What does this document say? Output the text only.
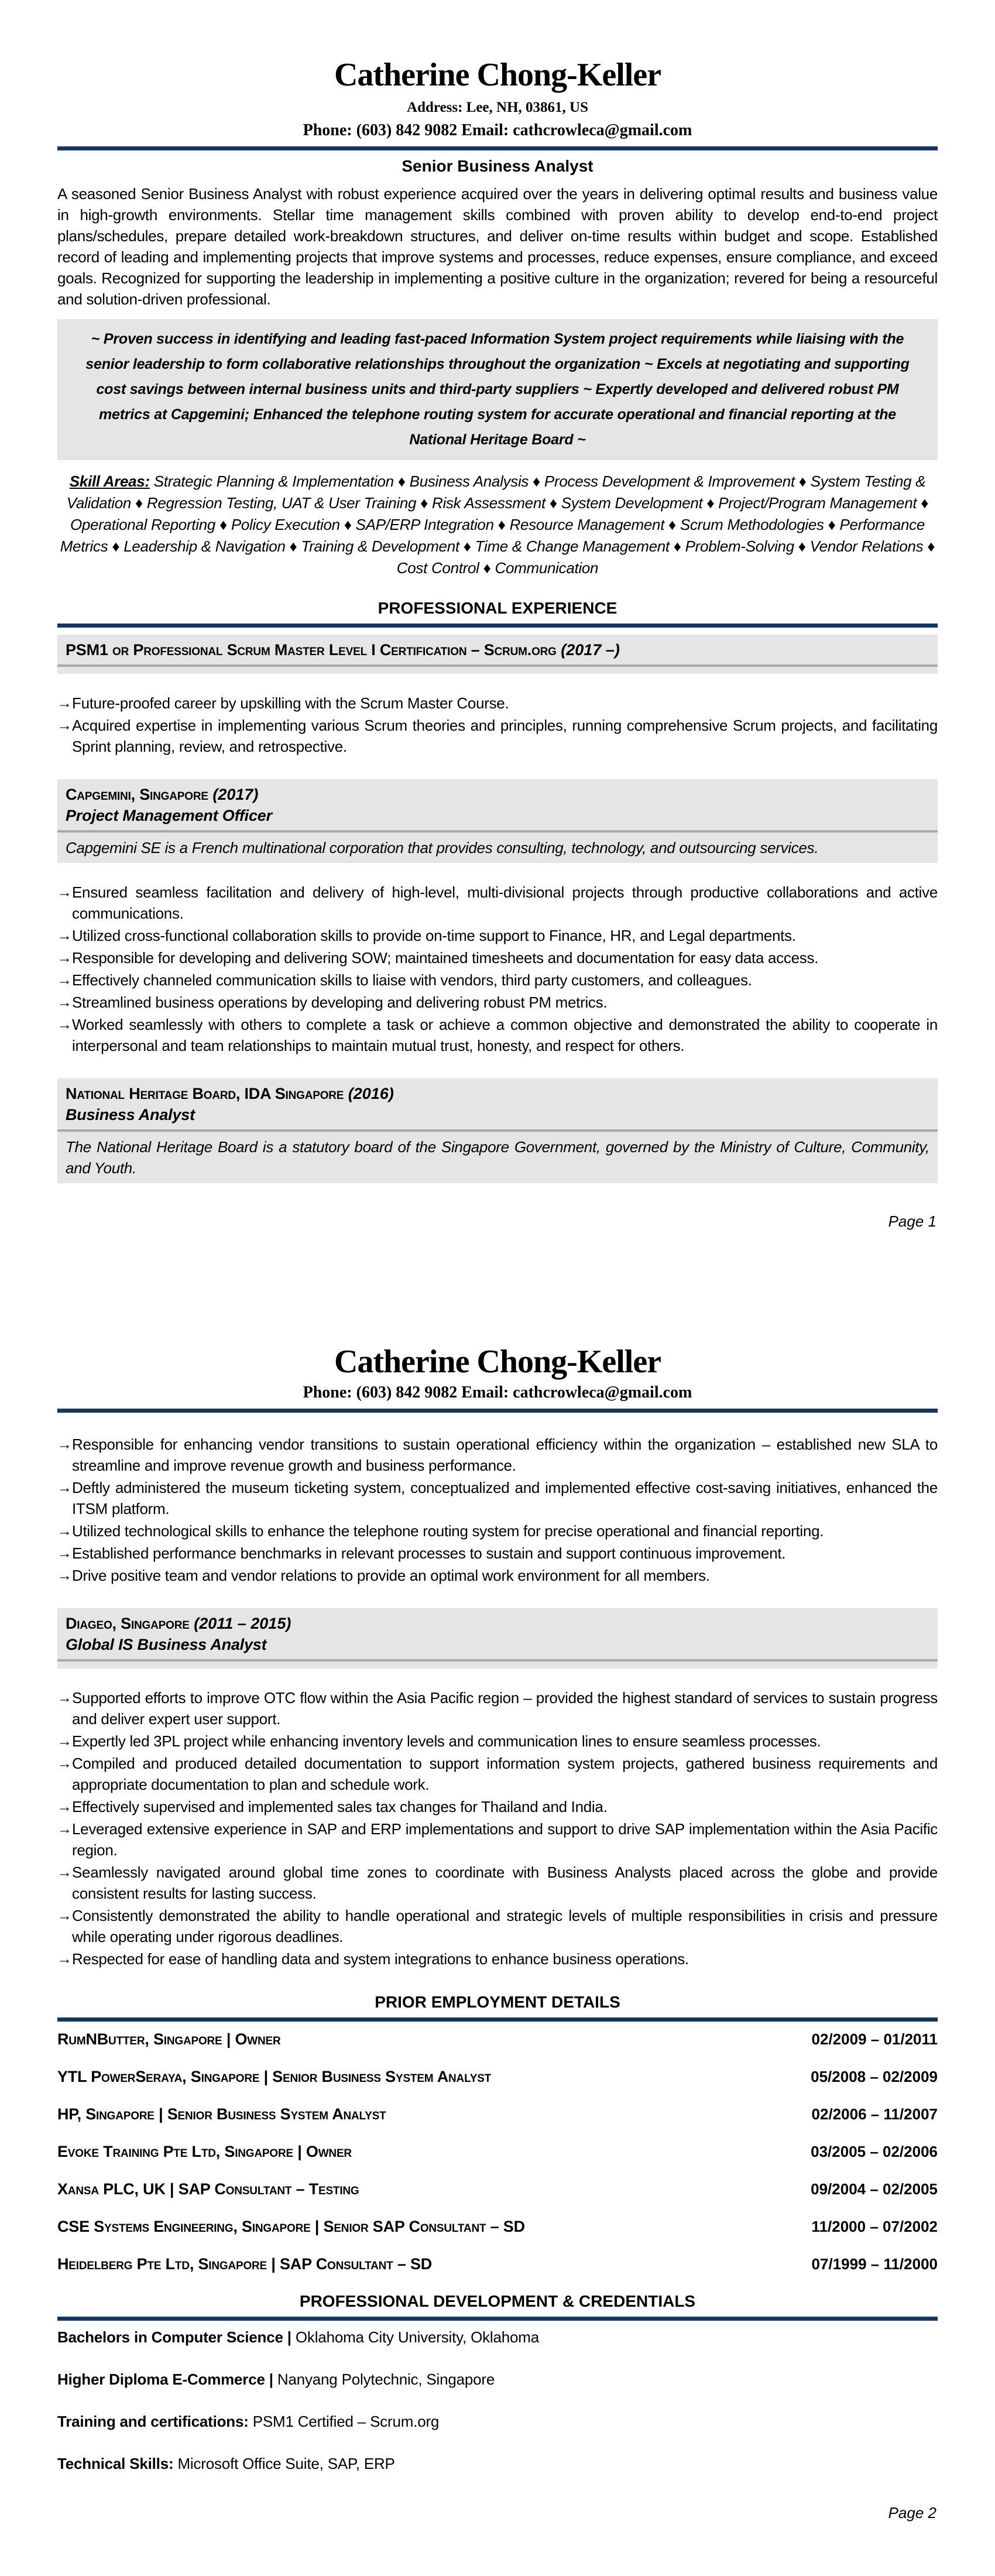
Catherine Chong-Keller
Address: Lee, NH, 03861, US
Phone: (603) 842 9082 Email: cathcrowleca@gmail.com
Senior Business Analyst
A seasoned Senior Business Analyst with robust experience acquired over the years in delivering optimal results and business value in high-growth environments. Stellar time management skills combined with proven ability to develop end-to-end project plans/schedules, prepare detailed work-breakdown structures, and deliver on-time results within budget and scope. Established record of leading and implementing projects that improve systems and processes, reduce expenses, ensure compliance, and exceed goals. Recognized for supporting the leadership in implementing a positive culture in the organization; revered for being a resourceful and solution-driven professional.
~ Proven success in identifying and leading fast-paced Information System project requirements while liaising with the senior leadership to form collaborative relationships throughout the organization ~ Excels at negotiating and supporting cost savings between internal business units and third-party suppliers ~ Expertly developed and delivered robust PM metrics at Capgemini; Enhanced the telephone routing system for accurate operational and financial reporting at the National Heritage Board ~
Skill Areas: Strategic Planning & Implementation ♦ Business Analysis ♦ Process Development & Improvement ♦ System Testing & Validation ♦ Regression Testing, UAT & User Training ♦ Risk Assessment ♦ System Development ♦ Project/Program Management ♦ Operational Reporting ♦ Policy Execution ♦ SAP/ERP Integration ♦ Resource Management ♦ Scrum Methodologies ♦ Performance Metrics ♦ Leadership & Navigation ♦ Training & Development ♦ Time & Change Management ♦ Problem-Solving ♦ Vendor Relations ♦ Cost Control ♦ Communication
PROFESSIONAL EXPERIENCE
PSM1 or Professional Scrum Master Level I Certification – Scrum.org (2017 –)
→ Future-proofed career by upskilling with the Scrum Master Course.
→ Acquired expertise in implementing various Scrum theories and principles, running comprehensive Scrum projects, and facilitating Sprint planning, review, and retrospective.
Capgemini, Singapore (2017)
Project Management Officer
Capgemini SE is a French multinational corporation that provides consulting, technology, and outsourcing services.
→ Ensured seamless facilitation and delivery of high-level, multi-divisional projects through productive collaborations and active communications.
→ Utilized cross-functional collaboration skills to provide on-time support to Finance, HR, and Legal departments.
→ Responsible for developing and delivering SOW; maintained timesheets and documentation for easy data access.
→ Effectively channeled communication skills to liaise with vendors, third party customers, and colleagues.
→ Streamlined business operations by developing and delivering robust PM metrics.
→ Worked seamlessly with others to complete a task or achieve a common objective and demonstrated the ability to cooperate in interpersonal and team relationships to maintain mutual trust, honesty, and respect for others.
National Heritage Board, IDA Singapore (2016)
Business Analyst
The National Heritage Board is a statutory board of the Singapore Government, governed by the Ministry of Culture, Community, and Youth.
Page 1
Catherine Chong-Keller
Phone: (603) 842 9082 Email: cathcrowleca@gmail.com
→ Responsible for enhancing vendor transitions to sustain operational efficiency within the organization – established new SLA to streamline and improve revenue growth and business performance.
→ Deftly administered the museum ticketing system, conceptualized and implemented effective cost-saving initiatives, enhanced the ITSM platform.
→ Utilized technological skills to enhance the telephone routing system for precise operational and financial reporting.
→ Established performance benchmarks in relevant processes to sustain and support continuous improvement.
→ Drive positive team and vendor relations to provide an optimal work environment for all members.
Diageo, Singapore (2011 – 2015)
Global IS Business Analyst
→ Supported efforts to improve OTC flow within the Asia Pacific region – provided the highest standard of services to sustain progress and deliver expert user support.
→ Expertly led 3PL project while enhancing inventory levels and communication lines to ensure seamless processes.
→ Compiled and produced detailed documentation to support information system projects, gathered business requirements and appropriate documentation to plan and schedule work.
→ Effectively supervised and implemented sales tax changes for Thailand and India.
→ Leveraged extensive experience in SAP and ERP implementations and support to drive SAP implementation within the Asia Pacific region.
→ Seamlessly navigated around global time zones to coordinate with Business Analysts placed across the globe and provide consistent results for lasting success.
→ Consistently demonstrated the ability to handle operational and strategic levels of multiple responsibilities in crisis and pressure while operating under rigorous deadlines.
→ Respected for ease of handling data and system integrations to enhance business operations.
PRIOR EMPLOYMENT DETAILS
RumNButter, Singapore | Owner	02/2009 – 01/2011
YTL PowerSeraya, Singapore | Senior Business System Analyst	05/2008 – 02/2009
HP, Singapore | Senior Business System Analyst	02/2006 – 11/2007
Evoke Training Pte Ltd, Singapore | Owner	03/2005 – 02/2006
Xansa PLC, UK | SAP Consultant – Testing	09/2004 – 02/2005
CSE Systems Engineering, Singapore | Senior SAP Consultant – SD	11/2000 – 07/2002
Heidelberg Pte Ltd, Singapore | SAP Consultant – SD	07/1999 – 11/2000
PROFESSIONAL DEVELOPMENT & CREDENTIALS
Bachelors in Computer Science | Oklahoma City University, Oklahoma
Higher Diploma E-Commerce | Nanyang Polytechnic, Singapore
Training and certifications: PSM1 Certified – Scrum.org
Technical Skills: Microsoft Office Suite, SAP, ERP
Page 2
